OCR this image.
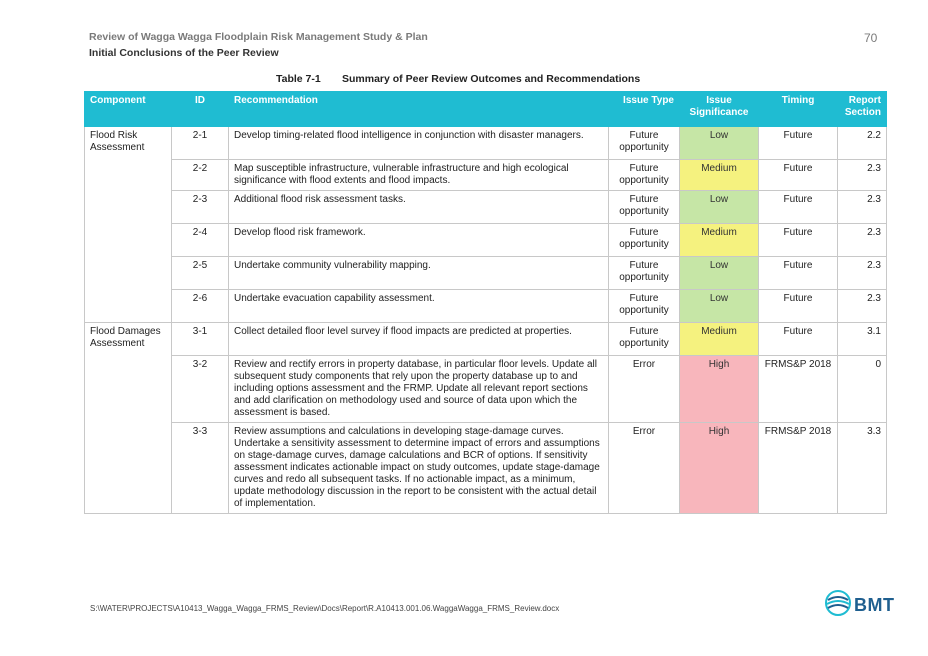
Review of Wagga Wagga Floodplain Risk Management Study & Plan
Initial Conclusions of the Peer Review
70
Table 7-1 Summary of Peer Review Outcomes and Recommendations
Component	ID	Recommendation	Issue Type	Issue Significance	Timing	Report Section
Flood Risk Assessment	2-1	Develop timing-related flood intelligence in conjunction with disaster managers.	Future opportunity	Low	Future	2.2
	2-2	Map susceptible infrastructure, vulnerable infrastructure and high ecological significance with flood extents and flood impacts.	Future opportunity	Medium	Future	2.3
	2-3	Additional flood risk assessment tasks.	Future opportunity	Low	Future	2.3
	2-4	Develop flood risk framework.	Future opportunity	Medium	Future	2.3
	2-5	Undertake community vulnerability mapping.	Future opportunity	Low	Future	2.3
	2-6	Undertake evacuation capability assessment.	Future opportunity	Low	Future	2.3
Flood Damages Assessment	3-1	Collect detailed floor level survey if flood impacts are predicted at properties.	Future opportunity	Medium	Future	3.1
	3-2	Review and rectify errors in property database, in particular floor levels. Update all subsequent study components that rely upon the property database up to and including options assessment and the FRMP. Update all relevant report sections and add clarification on methodology used and source of data upon which the assessment is based.	Error	High	FRMS&P 2018	0
	3-3	Review assumptions and calculations in developing stage-damage curves. Undertake a sensitivity assessment to determine impact of errors and assumptions on stage-damage curves, damage calculations and BCR of options. If sensitivity assessment indicates actionable impact on study outcomes, update stage-damage curves and redo all subsequent tasks. If no actionable impact, as a minimum, update methodology discussion in the report to be consistent with the actual detail of implementation.	Error	High	FRMS&P 2018	3.3
S:\WATER\PROJECTS\A10413_Wagga_Wagga_FRMS_Review\Docs\Report\R.A10413.001.06.WaggaWagga_FRMS_Review.docx	BMT
